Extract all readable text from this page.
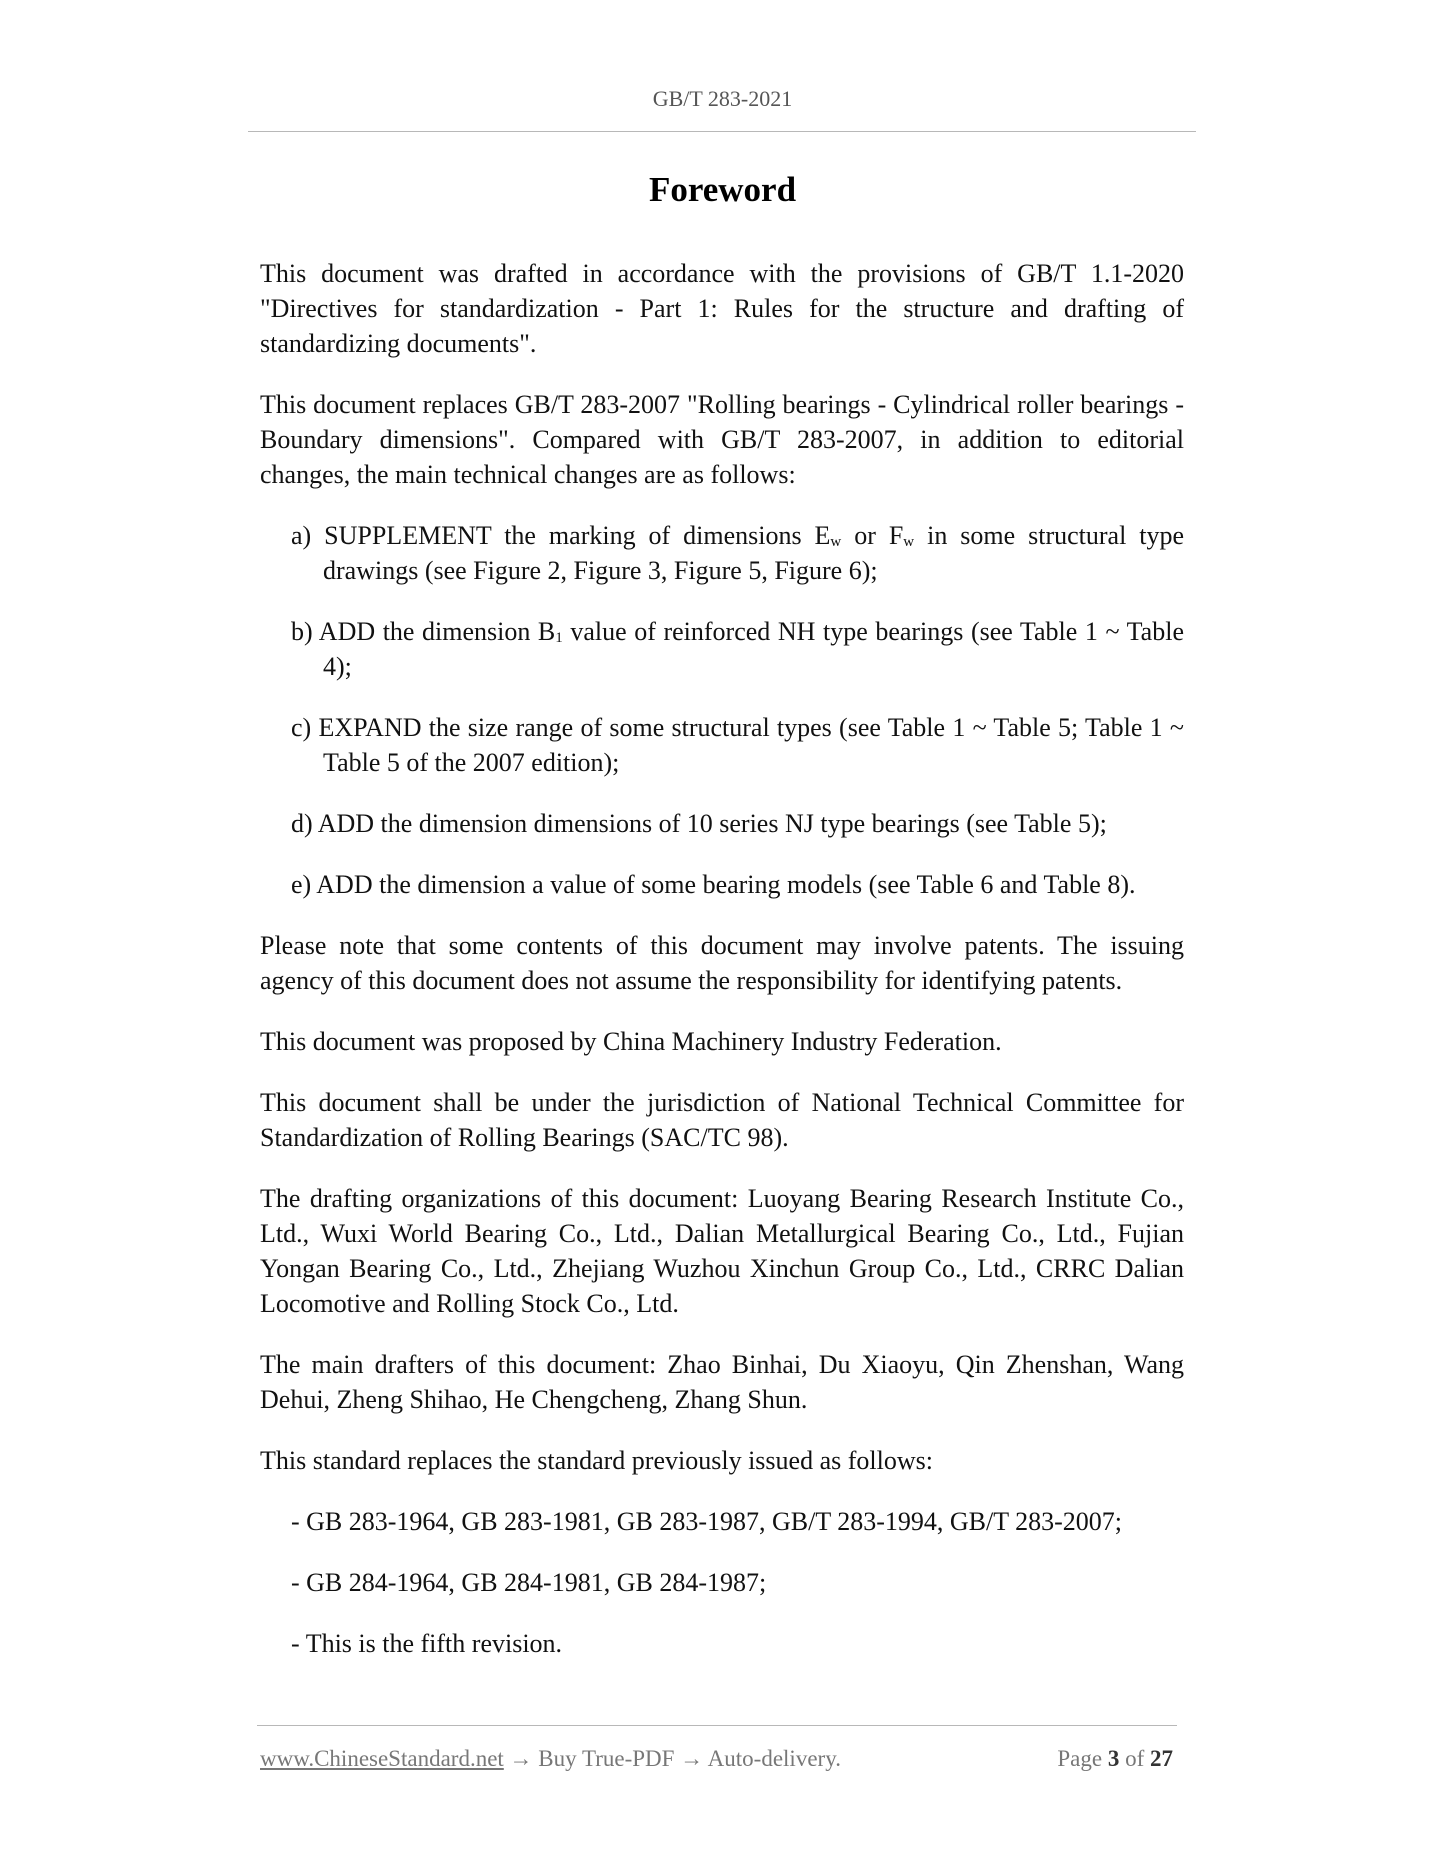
GB/T 283-2021
Foreword

This document was drafted in accordance with the provisions of GB/T 1.1-2020 "Directives for standardization - Part 1: Rules for the structure and drafting of standardizing documents".

This document replaces GB/T 283-2007 "Rolling bearings - Cylindrical roller bearings - Boundary dimensions". Compared with GB/T 283-2007, in addition to editorial changes, the main technical changes are as follows:

a) SUPPLEMENT the marking of dimensions $E_w$ or $F_w$ in some structural type drawings (see Figure 2, Figure 3, Figure 5, Figure 6);

b) ADD the dimension $B_1$ value of reinforced NH type bearings (see Table 1 ~ Table 4);

c) EXPAND the size range of some structural types (see Table 1 ~ Table 5; Table 1 ~ Table 5 of the 2007 edition);

d) ADD the dimension dimensions of 10 series NJ type bearings (see Table 5);

e) ADD the dimension a value of some bearing models (see Table 6 and Table 8).

Please note that some contents of this document may involve patents. The issuing agency of this document does not assume the responsibility for identifying patents.

This document was proposed by China Machinery Industry Federation.

This document shall be under the jurisdiction of National Technical Committee for Standardization of Rolling Bearings (SAC/TC 98).

The drafting organizations of this document: Luoyang Bearing Research Institute Co., Ltd., Wuxi World Bearing Co., Ltd., Dalian Metallurgical Bearing Co., Ltd., Fujian Yongan Bearing Co., Ltd., Zhejiang Wuzhou Xinchun Group Co., Ltd., CRRC Dalian Locomotive and Rolling Stock Co., Ltd.

The main drafters of this document: Zhao Binhai, Du Xiaoyu, Qin Zhenshan, Wang Dehui, Zheng Shihao, He Chengcheng, Zhang Shun.

This standard replaces the standard previously issued as follows:

- GB 283-1964, GB 283-1981, GB 283-1987, GB/T 283-1994, GB/T 283-2007;

- GB 284-1964, GB 284-1981, GB 284-1987;

- This is the fifth revision.

www.ChineseStandard.net → Buy True-PDF → Auto-delivery.	Page 3 of 27
